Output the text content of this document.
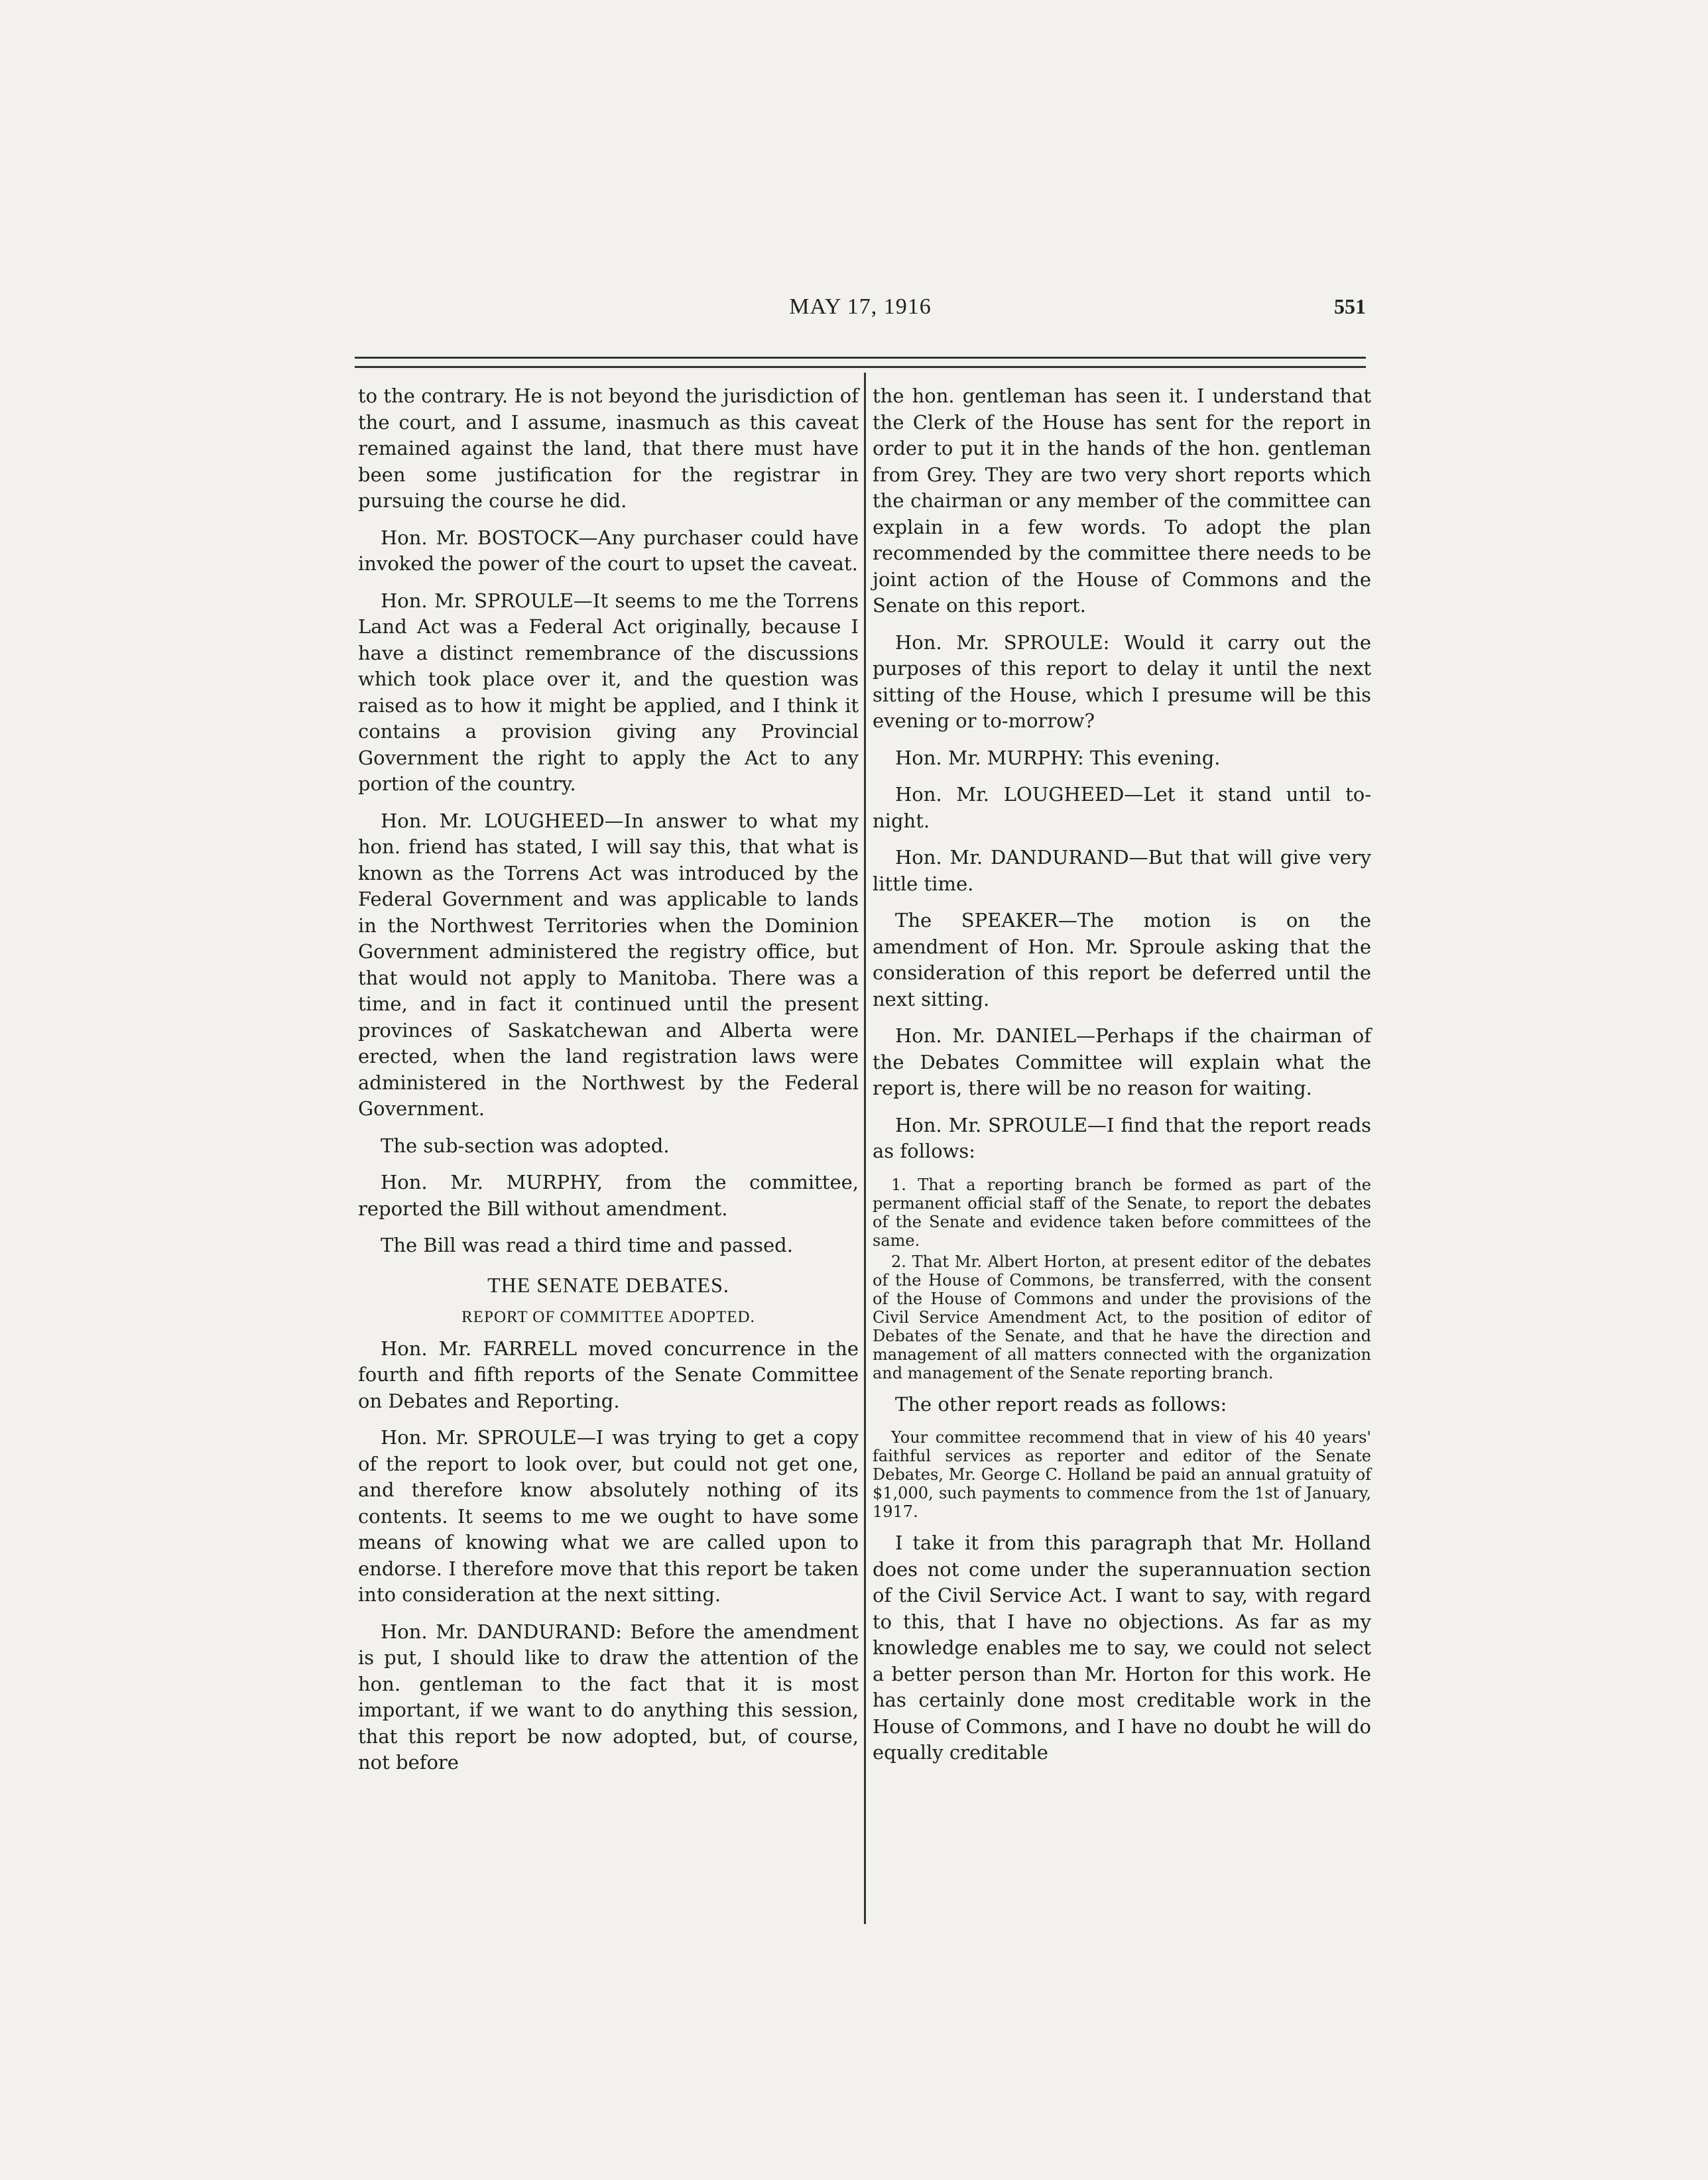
MAY 17, 1916	551

to the contrary. He is not beyond the jurisdiction of the court, and I assume, inasmuch as this caveat remained against the land, that there must have been some justification for the registrar in pursuing the course he did.

Hon. Mr. BOSTOCK—Any purchaser could have invoked the power of the court to upset the caveat.

Hon. Mr. SPROULE—It seems to me the Torrens Land Act was a Federal Act originally, because I have a distinct remembrance of the discussions which took place over it, and the question was raised as to how it might be applied, and I think it contains a provision giving any Provincial Government the right to apply the Act to any portion of the country.

Hon. Mr. LOUGHEED—In answer to what my hon. friend has stated, I will say this, that what is known as the Torrens Act was introduced by the Federal Government and was applicable to lands in the Northwest Territories when the Dominion Government administered the registry office, but that would not apply to Manitoba. There was a time, and in fact it continued until the present provinces of Saskatchewan and Alberta were erected, when the land registration laws were administered in the Northwest by the Federal Government.

The sub-section was adopted.

Hon. Mr. MURPHY, from the committee, reported the Bill without amendment.

The Bill was read a third time and passed.

THE SENATE DEBATES.
REPORT OF COMMITTEE ADOPTED.

Hon. Mr. FARRELL moved concurrence in the fourth and fifth reports of the Senate Committee on Debates and Reporting.

Hon. Mr. SPROULE—I was trying to get a copy of the report to look over, but could not get one, and therefore know absolutely nothing of its contents. It seems to me we ought to have some means of knowing what we are called upon to endorse. I therefore move that this report be taken into consideration at the next sitting.

Hon. Mr. DANDURAND: Before the amendment is put, I should like to draw the attention of the hon. gentleman to the fact that it is most important, if we want to do anything this session, that this report be now adopted, but, of course, not before

the hon. gentleman has seen it. I understand that the Clerk of the House has sent for the report in order to put it in the hands of the hon. gentleman from Grey. They are two very short reports which the chairman or any member of the committee can explain in a few words. To adopt the plan recommended by the committee there needs to be joint action of the House of Commons and the Senate on this report.

Hon. Mr. SPROULE: Would it carry out the purposes of this report to delay it until the next sitting of the House, which I presume will be this evening or to-morrow?

Hon. Mr. MURPHY: This evening.

Hon. Mr. LOUGHEED—Let it stand until to-night.

Hon. Mr. DANDURAND—But that will give very little time.

The SPEAKER—The motion is on the amendment of Hon. Mr. Sproule asking that the consideration of this report be deferred until the next sitting.

Hon. Mr. DANIEL—Perhaps if the chairman of the Debates Committee will explain what the report is, there will be no reason for waiting.

Hon. Mr. SPROULE—I find that the report reads as follows:

1. That a reporting branch be formed as part of the permanent official staff of the Senate, to report the debates of the Senate and evidence taken before committees of the same.

2. That Mr. Albert Horton, at present editor of the debates of the House of Commons, be transferred, with the consent of the House of Commons and under the provisions of the Civil Service Amendment Act, to the position of editor of Debates of the Senate, and that he have the direction and management of all matters connected with the organization and management of the Senate reporting branch.

The other report reads as follows:

Your committee recommend that in view of his 40 years' faithful services as reporter and editor of the Senate Debates, Mr. George C. Holland be paid an annual gratuity of $1,000, such payments to commence from the 1st of January, 1917.

I take it from this paragraph that Mr. Holland does not come under the superannuation section of the Civil Service Act. I want to say, with regard to this, that I have no objections. As far as my knowledge enables me to say, we could not select a better person than Mr. Horton for this work. He has certainly done most creditable work in the House of Commons, and I have no doubt he will do equally creditable
